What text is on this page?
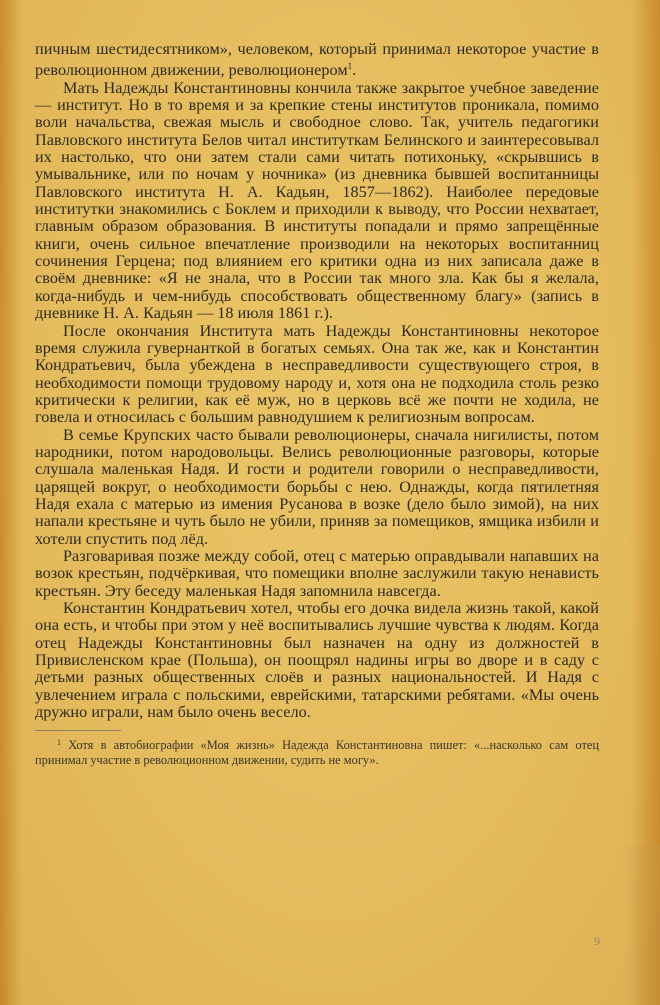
пичным шестидесятником», человеком, который принимал некоторое участие в революционном движении, революционером$^1$.

Мать Надежды Константиновны кончила также закрытое учебное заведение — институт. Но в то время и за крепкие стены институтов проникала, помимо воли начальства, свежая мысль и свободное слово. Так, учитель педагогики Павловского института Белов читал институткам Белинского и заинтересовывал их настолько, что они затем стали сами читать потихоньку, «скрывшись в умывальнике, или по ночам у ночника» (из дневника бывшей воспитанницы Павловского института Н. А. Кадьян, 1857—1862). Наиболее передовые институтки знакомились с Боклем и приходили к выводу, что России нехватает, главным образом образования. В институты попадали и прямо запрещённые книги, очень сильное впечатление производили на некоторых воспитанниц сочинения Герцена; под влиянием его критики одна из них записала даже в своём дневнике: «Я не знала, что в России так много зла. Как бы я желала, когда-нибудь и чем-нибудь способствовать общественному благу» (запись в дневнике Н. А. Кадьян — 18 июля 1861 г.).

После окончания Института мать Надежды Константиновны некоторое время служила гувернанткой в богатых семьях. Она так же, как и Константин Кондратьевич, была убеждена в несправедливости существующего строя, в необходимости помощи трудовому народу и, хотя она не подходила столь резко критически к религии, как её муж, но в церковь всё же почти не ходила, не говела и относилась с большим равнодушием к религиозным вопросам.

В семье Крупских часто бывали революционеры, сначала нигилисты, потом народники, потом народовольцы. Велись революционные разговоры, которые слушала маленькая Надя. И гости и родители говорили о несправедливости, царящей вокруг, о необходимости борьбы с нею. Однажды, когда пятилетняя Надя ехала с матерью из имения Русанова в возке (дело было зимой), на них напали крестьяне и чуть было не убили, приняв за помещиков, ямщика избили и хотели спустить под лёд.

Разговаривая позже между собой, отец с матерью оправдывали напавших на возок крестьян, подчёркивая, что помещики вполне заслужили такую ненависть крестьян. Эту беседу маленькая Надя запомнила навсегда.

Константин Кондратьевич хотел, чтобы его дочка видела жизнь такой, какой она есть, и чтобы при этом у неё воспитывались лучшие чувства к людям. Когда отец Надежды Константиновны был назначен на одну из должностей в Привисленском крае (Польша), он поощрял надины игры во дворе и в саду с детьми разных общественных слоёв и разных национальностей. И Надя с увлечением играла с польскими, еврейскими, татарскими ребятами. «Мы очень дружно играли, нам было очень весело.

$^1$ Хотя в автобиографии «Моя жизнь» Надежда Константиновна пишет: «...насколько сам отец принимал участие в революционном движении, судить не могу».

9
